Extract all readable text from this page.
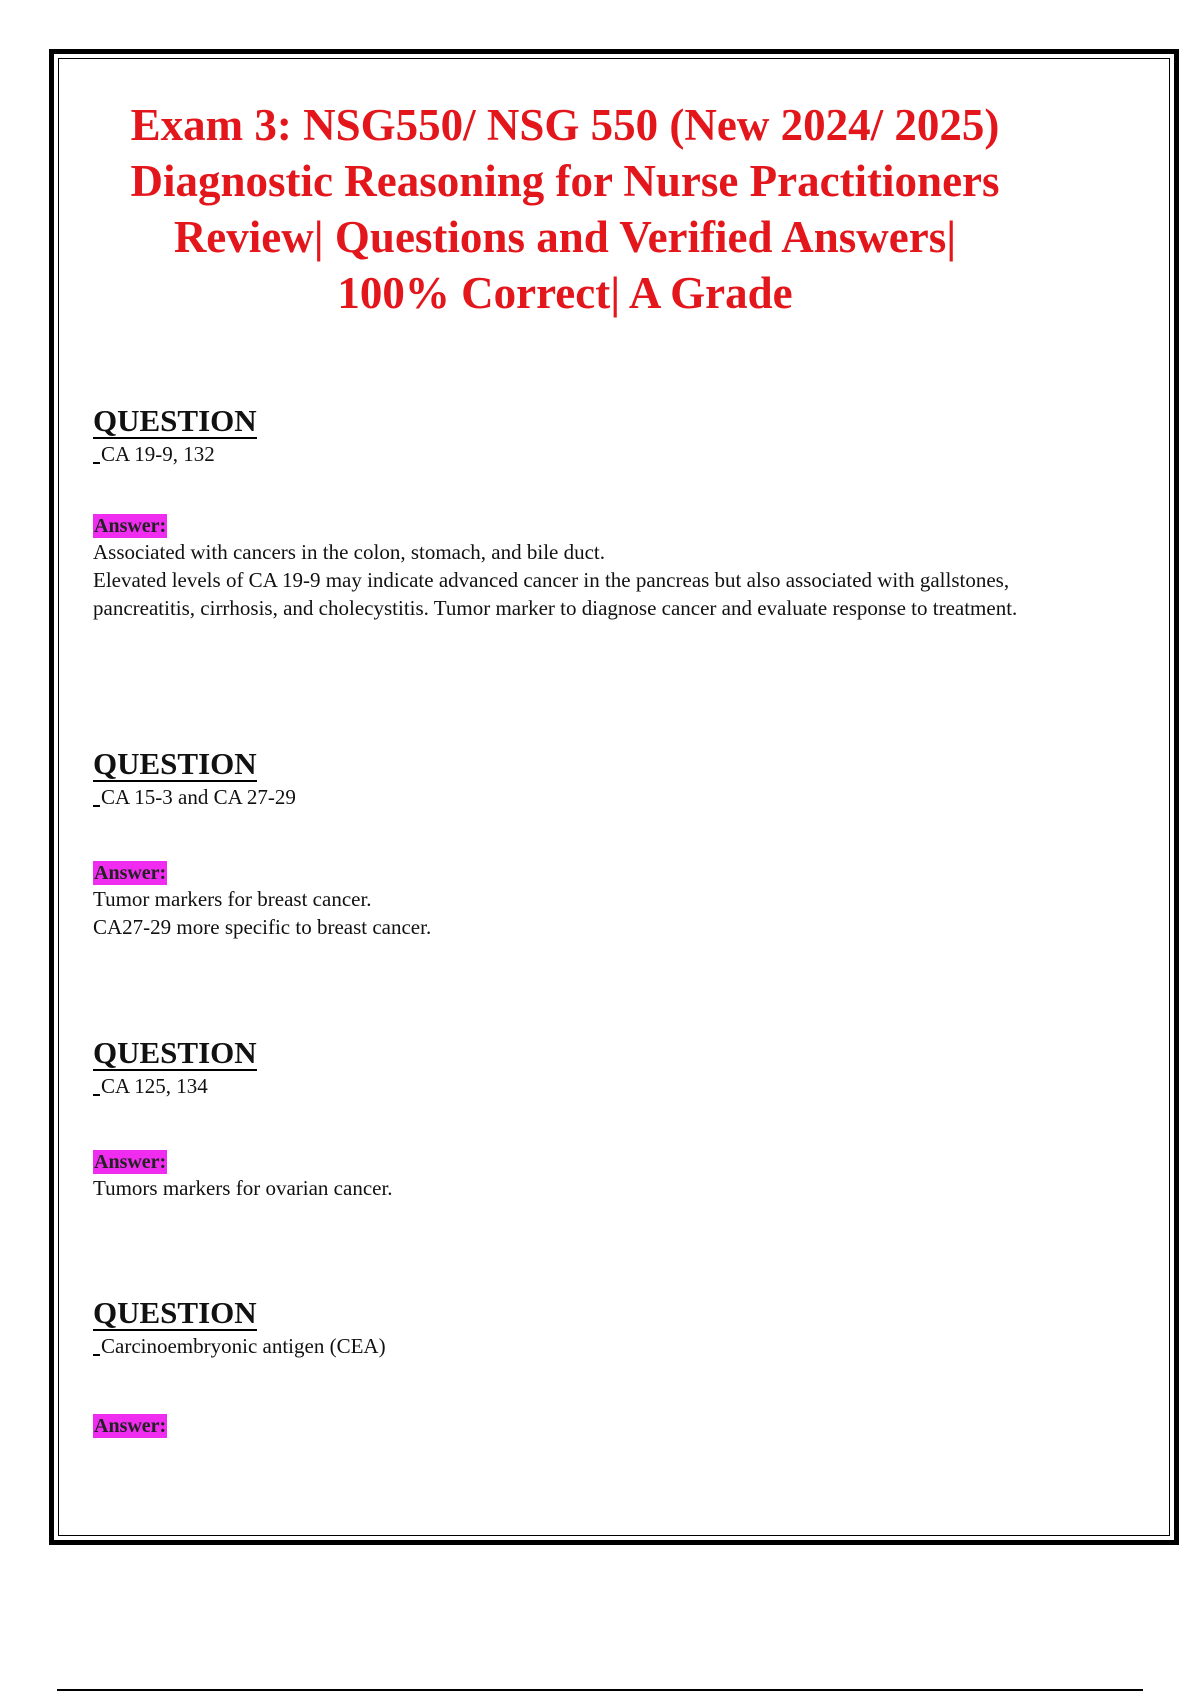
Exam 3: NSG550/ NSG 550 (New 2024/ 2025)
Diagnostic Reasoning for Nurse Practitioners
Review| Questions and Verified Answers|
100% Correct| A Grade
QUESTION
CA 19-9, 132
Answer:
Associated with cancers in the colon, stomach, and bile duct.
Elevated levels of CA 19-9 may indicate advanced cancer in the pancreas but also associated with gallstones, pancreatitis, cirrhosis, and cholecystitis. Tumor marker to diagnose cancer and evaluate response to treatment.
QUESTION
CA 15-3 and CA 27-29
Answer:
Tumor markers for breast cancer.
CA27-29 more specific to breast cancer.
QUESTION
CA 125, 134
Answer:
Tumors markers for ovarian cancer.
QUESTION
Carcinoembryonic antigen (CEA)
Answer:
